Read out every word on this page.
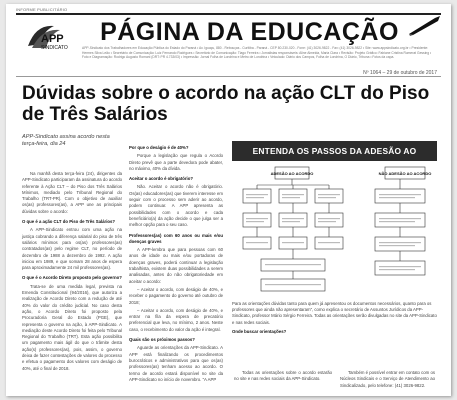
INFORME PUBLICITÁRIO
APP
SINDICATO
PÁGINA DA EDUCAÇÃO
APP-Sindicato dos Trabalhadores em Educação Pública do Estado do Paraná • Av. Iguaçu, 880 - Rebouças - Curitiba - Paraná - CEP 80.230-020 - Fone: (41) 3026-9822 - Fax: (41) 3026-9822 • Site: www.appsindicato.org.br • Presidente: Hermes Silva Leão • Secretário de Comunicação: Luiz Fernando Rodrigues • Secretário de Comunicação: Tiago Ferreira • Jornalistas responsáveis: Aline Almeida, Maria Clara • Revisão: Projeto Gráfico: Fabiane Cristina Rumerat Gessing • Foto e Diagramação: Rodrigo Augusto Romani (DRT: PR 4.733/03) • Impressão: Jornal Folha de Londrina e Metro de Londrina • Veiculado: Diário dos Campos, Folha de Londrina, O Diário, Tribuna • Fotos da capa.
Nº 1064 – 29 de outubro de 2017
Dúvidas sobre o acordo na ação CLT do Piso de Três Salários
APP-Sindicato assina acordo nesta terça-feira, dia 24

Na manhã desta terça-feira (24), dirigentes da APP-Sindicato participaram da assinatura do acordo referente à Ação CLT – do Piso dos Três Salários Mínimos, mediado pelo Tribunal Regional do Trabalho (TRT-PR). Com o objetivo de auxiliar os(as) professores(as), a APP une as principais dúvidas sobre o acordo:

O que é a ação CLT do Piso de Três Salários?

A APP-Sindicato entrou com uma ação na justiça cobrando a diferença salarial do piso de três salários mínimos para os(as) professores(as) contratados(as) pelo regime CLT, no período de dezembro de 1988 a dezembro de 1992. A ação iniciou em 1989, e que somam 28 anos de espera para aproximadamente 24 mil professores(as).

O que é o Acordo Direto proposto pelo governo?

Trata-se de uma medida legal, prevista na Emenda Constitucional (94/2016), que autoriza a realização de Acordo Direto com a redução de até 40% do valor do crédito judicial. No caso desta ação, o Acordo Direto foi proposto pela Procuradoria Geral do Estado (PGE), que representa o governo na ação, à APP-Sindicato. A mediação deste Acordo Direto foi feita pelo Tribunal Regional do Trabalho (TRT). Esta ação possibilita um pagamento mais ágil do que o trâmite desta ação(s) professores(as), pois, assim, o governo deixa de fazer contestações de valores do processo e efetua o pagamento dos valores com deságio de 40%, até o final de 2018.

Por que o deságio é de 40%?

Porque a legislação que regula o Acordo Direto prevê que a parte devedora pode abater, no máximo, 40% da dívida.

Aceitar o acordo é obrigatório?

Não. Aceitar o acordo não é obrigatório. Os(as) educadores(as) que tiverem interesse em seguir com o processo sem aderir ao acordo, podem continuar. A APP apresenta as possibilidades com o acordo e cada beneficiário(a) da ação decide o que julga ser a melhor opção para o seu caso.

Professores(as) com 60 anos ou mais e/ou doenças graves

A APP-lembra que para pessoas com 60 anos de idade ou mais e/ou portadoras de doenças graves, poderá continuar a legislação trabalhista, existem duas possibilidades a serem analisadas, antes do não obrigatoriedade em aceitar o acordo:

– Aceitar o acordo, com deságio de 40%, e receber o pagamento do governo até outubro de 2018;

– Aceitar o acordo, com deságio de 40%, e entrar na fila da espera de precatório preferencial que leva, no mínimo, 2 anos. Neste caso, o recebimento do valor da ação é integral.

Quais são os próximos passos?

Aguarde as orientações da APP-Sindicato. A APP está finalizando os procedimentos burocráticos e administrativos para que os(as) professores(as) tenham acesso ao acordo. O termo de acordo estará disponível no site da APP-Sindicato no início de novembro. “A APP

ENTENDA OS PASSOS DA ADESÃO AO ACORDO:
ADESÃO AO ACORDO	NÃO ADESÃO AO ACORDO
Para as orientações dúvidas tanto para quem já apresentou os documentos necessários, quanto para os professores que ainda não apresentaram”, como explica o secretário de Assuntos Jurídicos da APP-Sindicato, professor Mário Sérgio Ferreira. Todas as orientações serão divulgadas no site da APP-Sindicato e nas redes sociais.
Onde buscar orientações?

Todas as orientações sobre o acordo estarão no site e nas redes sociais da APP-Sindicato.

Também é possível entrar em contato com os Núcleos Sindicais e o Serviço de Atendimento ao Sindicalizado, pelo telefone: (41) 3026-9822.
